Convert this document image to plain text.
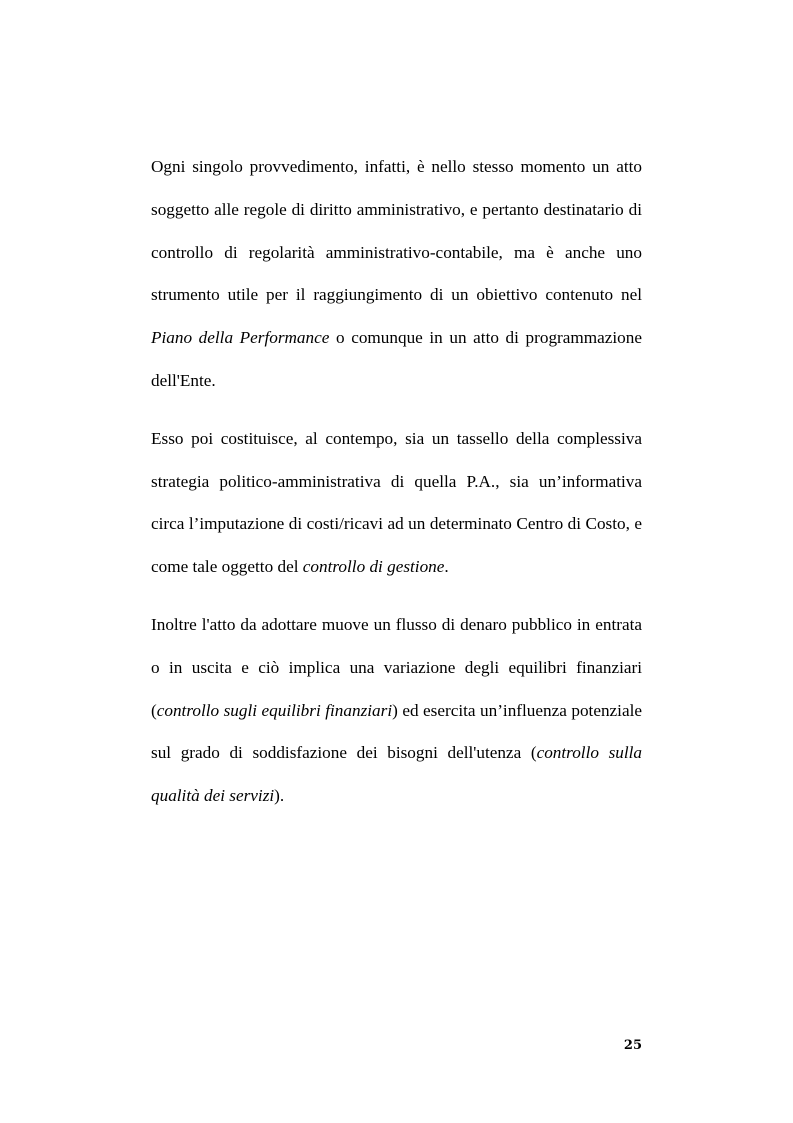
Ogni singolo provvedimento, infatti, è nello stesso momento un atto soggetto alle regole di diritto amministrativo, e pertanto destinatario di controllo di regolarità amministrativo-contabile, ma è anche uno strumento utile per il raggiungimento di un obiettivo contenuto nel Piano della Performance o comunque in un atto di programmazione dell'Ente.

Esso poi costituisce, al contempo, sia un tassello della complessiva strategia politico-amministrativa di quella P.A., sia un’informativa circa l’imputazione di costi/ricavi ad un determinato Centro di Costo, e come tale oggetto del controllo di gestione.

Inoltre l'atto da adottare muove un flusso di denaro pubblico in entrata o in uscita e ciò implica una variazione degli equilibri finanziari (controllo sugli equilibri finanziari) ed esercita un’influenza potenziale sul grado di soddisfazione dei bisogni dell'utenza (controllo sulla qualità dei servizi).

25
